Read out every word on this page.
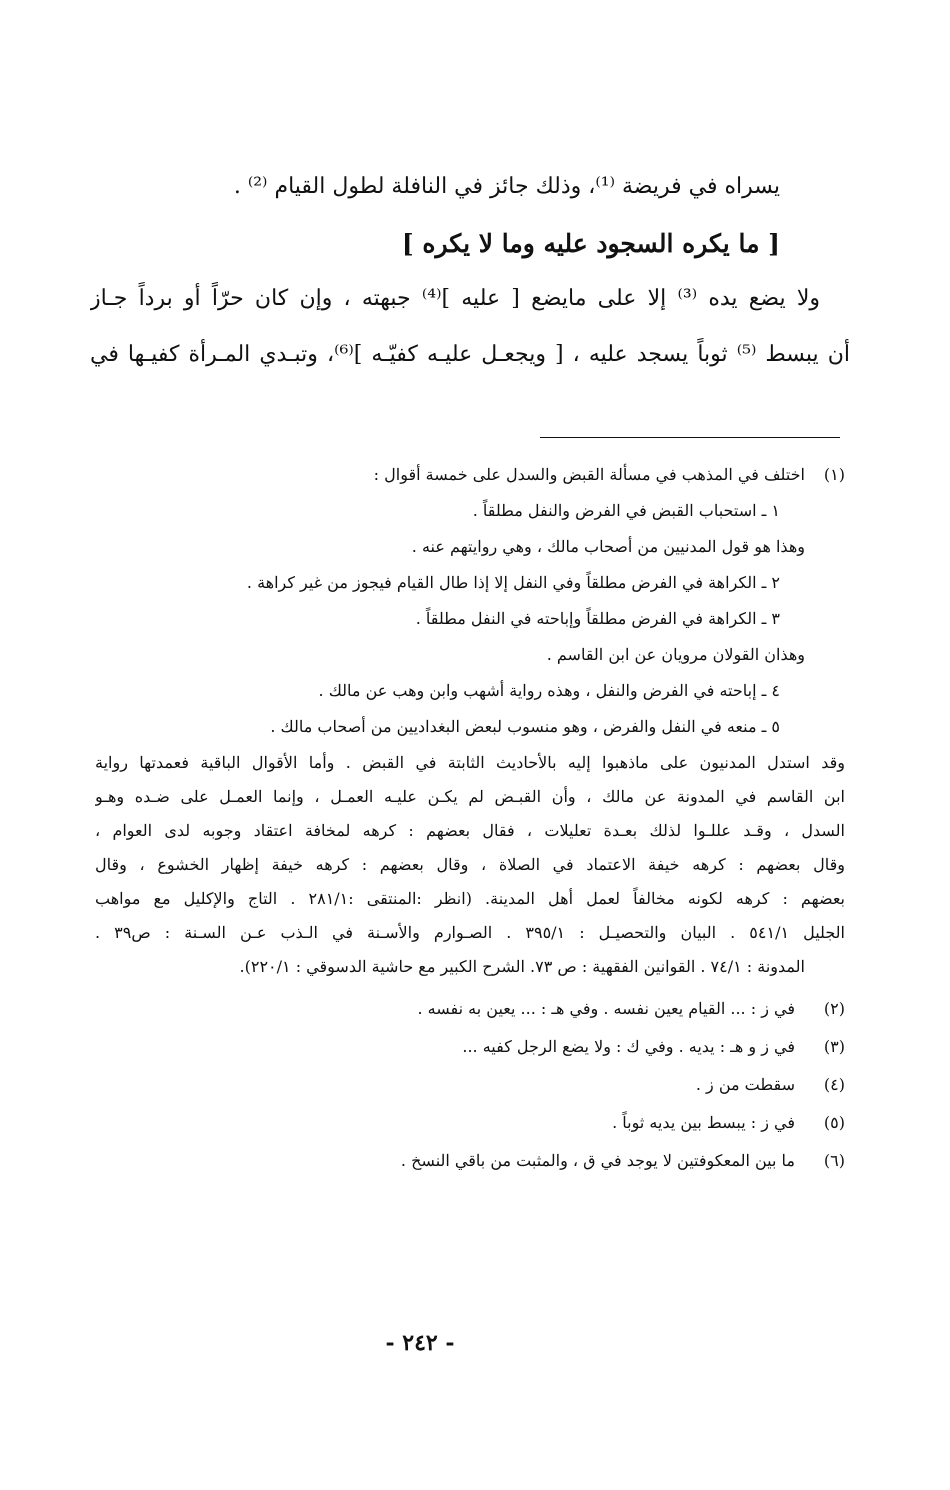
يسراه في فريضة ⁽¹⁾، وذلك جائز في النافلة لطول القيام ⁽²⁾ .
[ ما يكره السجود عليه وما لا يكره ]
ولا يضع يده ⁽³⁾ إلا على مايضع [ عليه ]⁽⁴⁾ جبهته ، وإن كان حرّاً أو برداً جـاز
أن يبسط ⁽⁵⁾ ثوباً يسجد عليه ، [ ويجعـل عليـه كفيّـه ]⁽⁶⁾، وتبـدي المـرأة كفيـها في
(١)
اختلف في المذهب في مسألة القبض والسدل على خمسة أقوال :
١ ـ استحباب القبض في الفرض والنفل مطلقاً .
وهذا هو قول المدنيين من أصحاب مالك ، وهي روايتهم عنه .
٢ ـ الكراهة في الفرض مطلقاً وفي النفل إلا إذا طال القيام فيجوز من غير كراهة .
٣ ـ الكراهة في الفرض مطلقاً وإباحته في النفل مطلقاً .
وهذان القولان مرويان عن ابن القاسم .
٤ ـ إباحته في الفرض والنفل ، وهذه رواية أشهب وابن وهب عن مالك .
٥ ـ منعه في النفل والفرض ، وهو منسوب لبعض البغداديين من أصحاب مالك .
وقد استدل المدنيون على ماذهبوا إليه بالأحاديث الثابتة في القبض . وأما الأقوال الباقية فعمدتها رواية
ابن القاسم في المدونة عن مالك ، وأن القبـض لم يكـن عليـه العمـل ، وإنما العمـل على ضـده وهـو
السدل ، وقـد عللـوا لذلك بعـدة تعليلات ، فقال بعضهم : كرهه لمخافة اعتقاد وجوبه لدى العوام ،
وقال بعضهم : كرهه خيفة الاعتماد في الصلاة ، وقال بعضهم : كرهه خيفة إظهار الخشوع ، وقال
بعضهم : كرهه لكونه مخالفاً لعمل أهل المدينة. (انظر :المنتقى :٢٨١/١ . التاج والإكليل مع مواهب
الجليل ٥٤١/١ . البيان والتحصيـل : ٣٩٥/١ . الصـوارم والأسـنة في الـذب عـن السـنة : ص٣٩ .
المدونة : ٧٤/١ . القوانين الفقهية : ص ٧٣. الشرح الكبير مع حاشية الدسوقي : ٢٢٠/١).
(٢)
في ز : ... القيام يعين نفسه . وفي هـ : ... يعين به نفسه .
(٣)
في ز و هـ : يديه . وفي ك : ولا يضع الرجل كفيه ...
(٤)
سقطت من ز .
(٥)
في ز : يبسط بين يديه ثوباً .
(٦)
ما بين المعكوفتين لا يوجد في ق ، والمثبت من باقي النسخ .
- ٢٤٢ -
